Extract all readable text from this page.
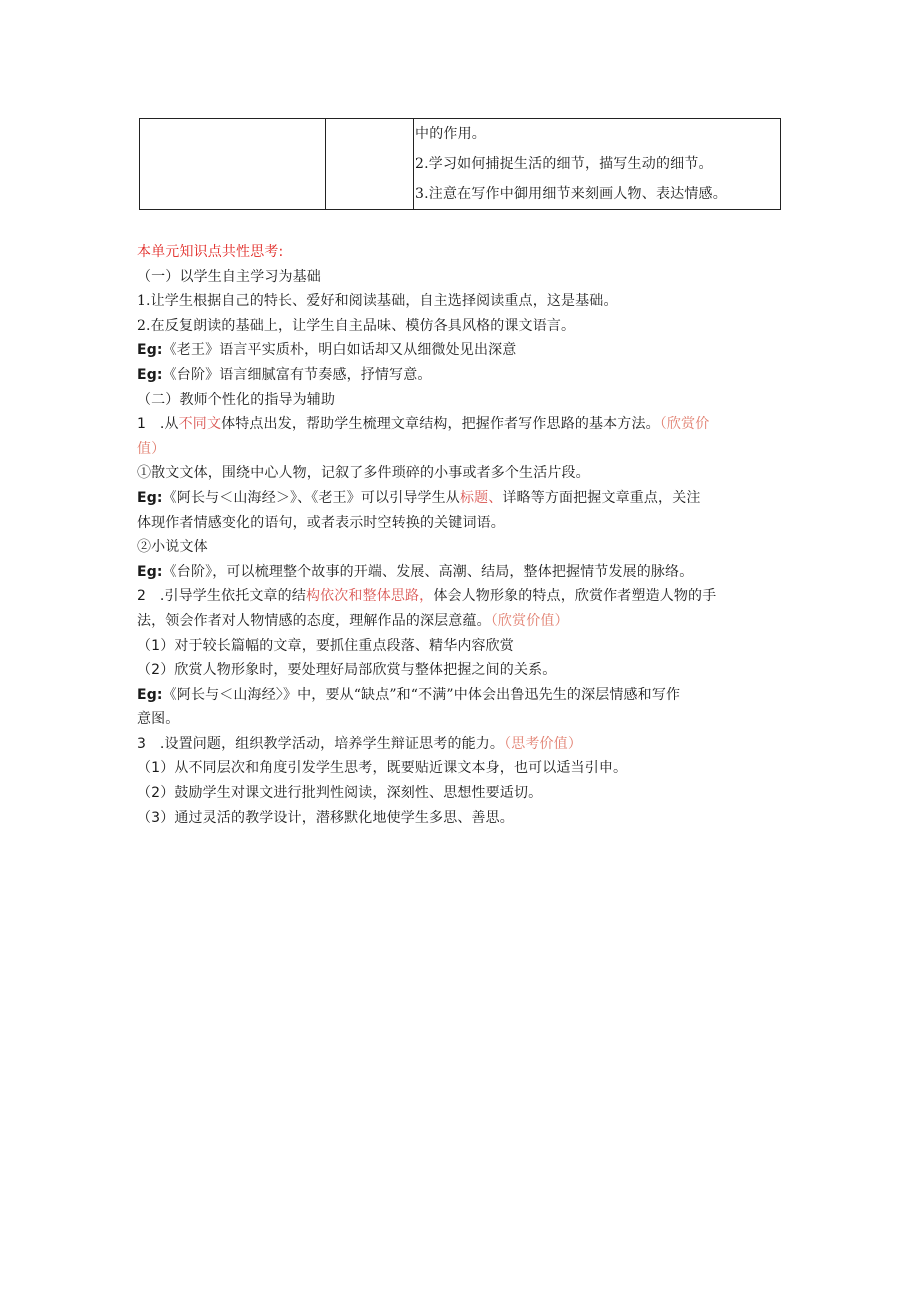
中的作用。
2.学习如何捕捉生活的细节，描写生动的细节。
3.注意在写作中御用细节来刻画人物、表达情感。
本单元知识点共性思考:
（一）以学生自主学习为基础
1.让学生根据自己的特长、爱好和阅读基础，自主选择阅读重点，这是基础。
2.在反复朗读的基础上，让学生自主品味、模仿各具风格的课文语言。
Eg:《老王》语言平实质朴，明白如话却又从细微处见出深意
Eg:《台阶》语言细腻富有节奏感，抒情写意。
（二）教师个性化的指导为辅助
1 .从不同文体特点出发，帮助学生梳理文章结构，把握作者写作思路的基本方法。（欣赏价
值）
①散文文体，围绕中心人物，记叙了多件琐碎的小事或者多个生活片段。
Eg:《阿长与＜山海经＞》、《老王》可以引导学生从标题、详略等方面把握文章重点，关注
体现作者情感变化的语句，或者表示时空转换的关键词语。
②小说文体
Eg:《台阶》，可以梳理整个故事的开端、发展、高潮、结局，整体把握情节发展的脉络。
2 .引导学生依托文章的结构依次和整体思路，体会人物形象的特点，欣赏作者塑造人物的手
法，领会作者对人物情感的态度，理解作品的深层意蕴。（欣赏价值）
（1）对于较长篇幅的文章，要抓住重点段落、精华内容欣赏
（2）欣赏人物形象时，要处理好局部欣赏与整体把握之间的关系。
Eg:《阿长与＜山海经〉》中，要从“缺点”和“不满”中体会出鲁迅先生的深层情感和写作
意图。
3 .设置问题，组织教学活动，培养学生辩证思考的能力。（思考价值）
（1）从不同层次和角度引发学生思考，既要贴近课文本身，也可以适当引申。
（2）鼓励学生对课文进行批判性阅读，深刻性、思想性要适切。
（3）通过灵活的教学设计，潜移默化地使学生多思、善思。
